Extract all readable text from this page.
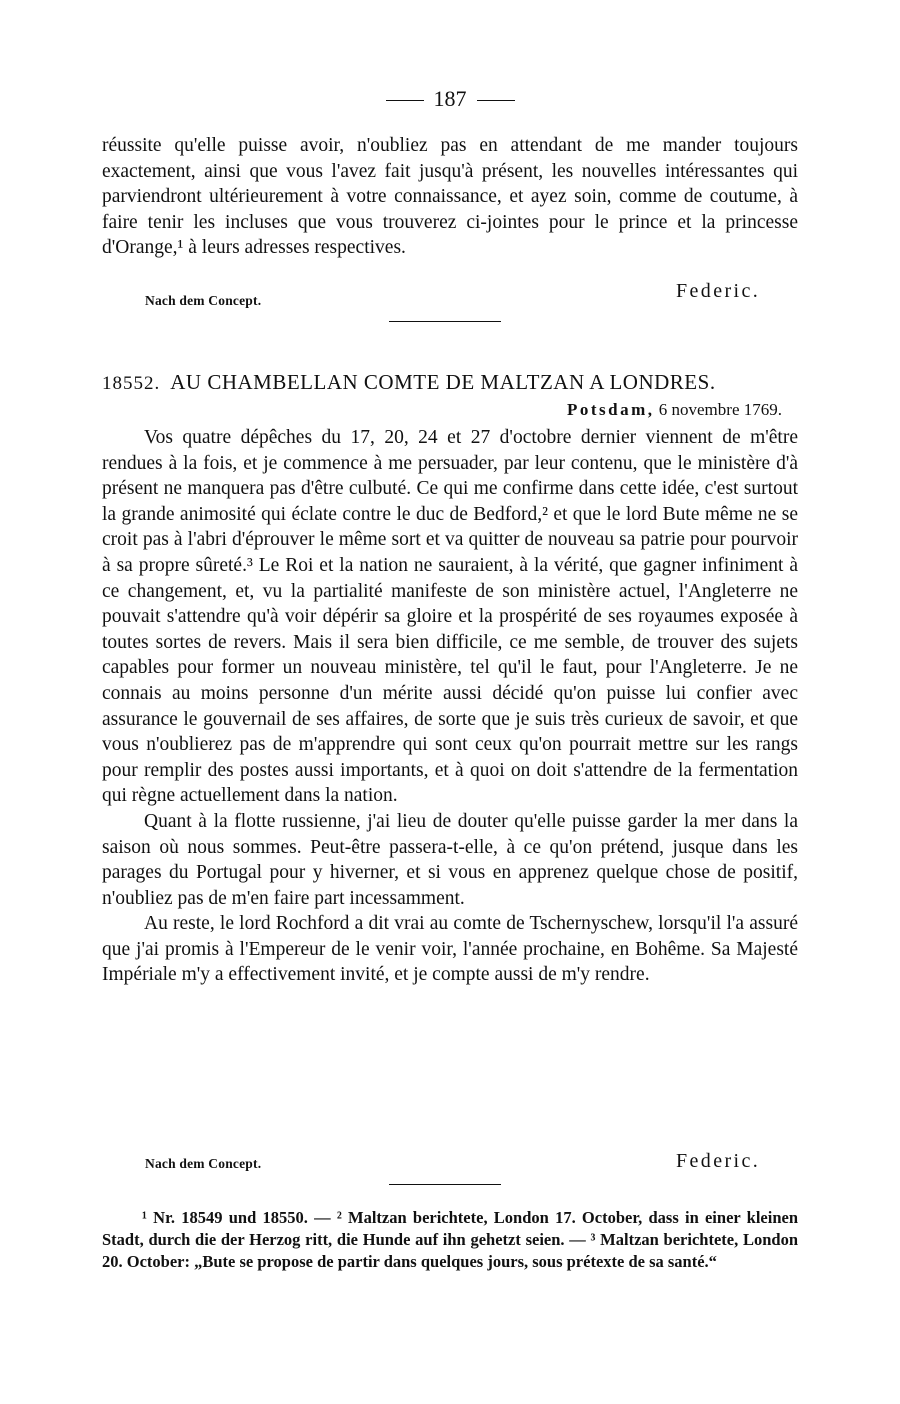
187

réussite qu'elle puisse avoir, n'oubliez pas en attendant de me mander toujours exactement, ainsi que vous l'avez fait jusqu'à présent, les nouvelles intéressantes qui parviendront ultérieurement à votre connaissance, et ayez soin, comme de coutume, à faire tenir les incluses que vous trouverez ci-jointes pour le prince et la princesse d'Orange,¹ à leurs adresses respectives.

Nach dem Concept.	Federic.
18552. AU CHAMBELLAN COMTE DE MALTZAN A LONDRES.
Potsdam, 6 novembre 1769.

Vos quatre dépêches du 17, 20, 24 et 27 d'octobre dernier viennent de m'être rendues à la fois, et je commence à me persuader, par leur contenu, que le ministère d'à présent ne manquera pas d'être culbuté. Ce qui me confirme dans cette idée, c'est surtout la grande animosité qui éclate contre le duc de Bedford,² et que le lord Bute même ne se croit pas à l'abri d'éprouver le même sort et va quitter de nouveau sa patrie pour pourvoir à sa propre sûreté.³ Le Roi et la nation ne sauraient, à la vérité, que gagner infiniment à ce changement, et, vu la partialité manifeste de son ministère actuel, l'Angleterre ne pouvait s'attendre qu'à voir dépérir sa gloire et la prospérité de ses royaumes exposée à toutes sortes de revers. Mais il sera bien difficile, ce me semble, de trouver des sujets capables pour former un nouveau ministère, tel qu'il le faut, pour l'Angleterre. Je ne connais au moins personne d'un mérite aussi décidé qu'on puisse lui confier avec assurance le gouvernail de ses affaires, de sorte que je suis très curieux de savoir, et que vous n'oublierez pas de m'apprendre qui sont ceux qu'on pourrait mettre sur les rangs pour remplir des postes aussi importants, et à quoi on doit s'attendre de la fermentation qui règne actuellement dans la nation.

Quant à la flotte russienne, j'ai lieu de douter qu'elle puisse garder la mer dans la saison où nous sommes. Peut-être passera-t-elle, à ce qu'on prétend, jusque dans les parages du Portugal pour y hiverner, et si vous en apprenez quelque chose de positif, n'oubliez pas de m'en faire part incessamment.

Au reste, le lord Rochford a dit vrai au comte de Tschernyschew, lorsqu'il l'a assuré que j'ai promis à l'Empereur de le venir voir, l'année prochaine, en Bohême. Sa Majesté Impériale m'y a effectivement invité, et je compte aussi de m'y rendre.

Nach dem Concept.	Federic.

¹ Nr. 18549 und 18550. — ² Maltzan berichtete, London 17. October, dass in einer kleinen Stadt, durch die der Herzog ritt, die Hunde auf ihn gehetzt seien. — ³ Maltzan berichtete, London 20. October: „Bute se propose de partir dans quelques jours, sous prétexte de sa santé.“
